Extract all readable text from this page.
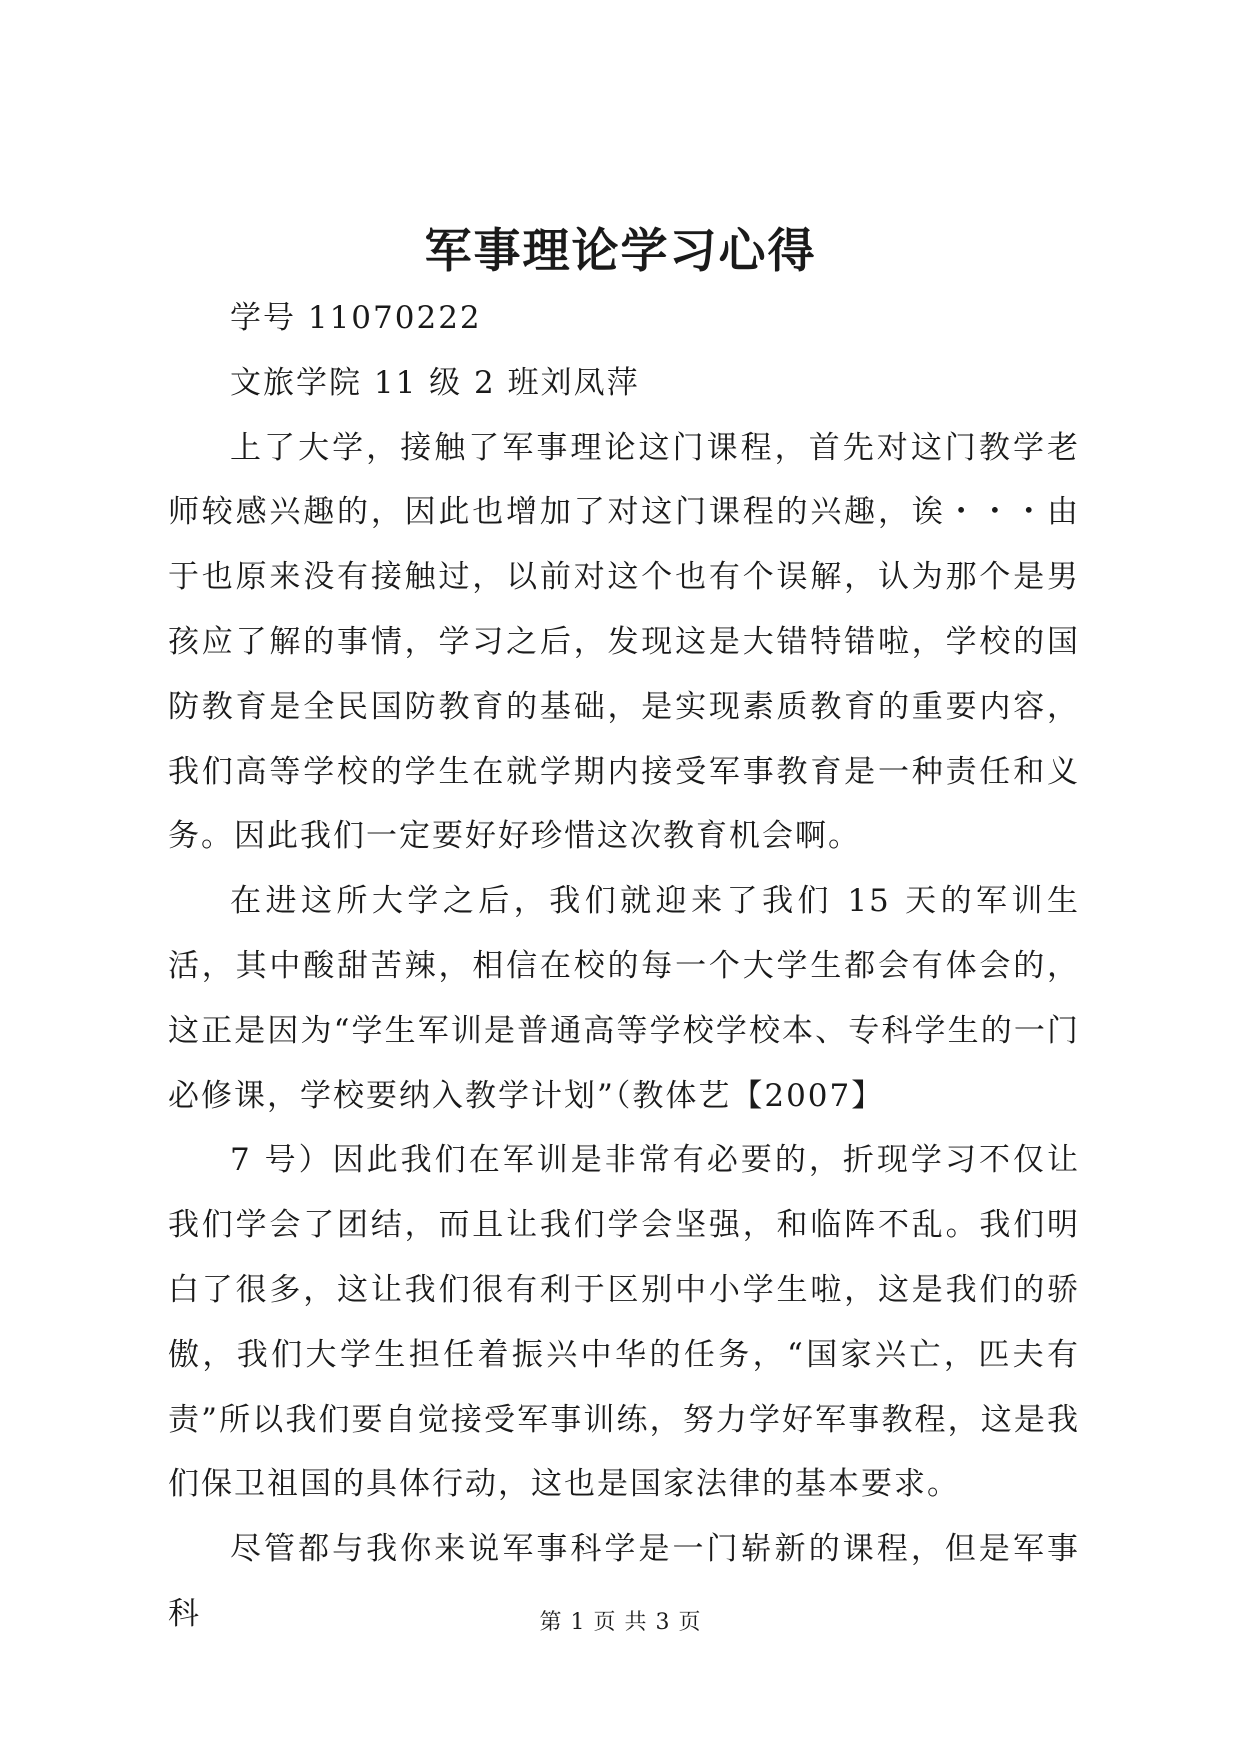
军事理论学习心得

学号 11070222

文旅学院 11 级 2 班刘凤萍

上了大学，接触了军事理论这门课程，首先对这门教学老师较感兴趣的，因此也增加了对这门课程的兴趣，诶・・・由于也原来没有接触过，以前对这个也有个误解，认为那个是男孩应了解的事情，学习之后，发现这是大错特错啦，学校的国防教育是全民国防教育的基础，是实现素质教育的重要内容，我们高等学校的学生在就学期内接受军事教育是一种责任和义务。因此我们一定要好好珍惜这次教育机会啊。

在进这所大学之后，我们就迎来了我们 15 天的军训生活，其中酸甜苦辣，相信在校的每一个大学生都会有体会的，这正是因为“学生军训是普通高等学校学校本、专科学生的一门必修课，学校要纳入教学计划”（教体艺【2007】

7 号）因此我们在军训是非常有必要的，折现学习不仅让我们学会了团结，而且让我们学会坚强，和临阵不乱。我们明白了很多，这让我们很有利于区别中小学生啦，这是我们的骄傲，我们大学生担任着振兴中华的任务，“国家兴亡，匹夫有责”所以我们要自觉接受军事训练，努力学好军事教程，这是我们保卫祖国的具体行动，这也是国家法律的基本要求。

尽管都与我你来说军事科学是一门崭新的课程，但是军事科	第 1 页 共 3 页
